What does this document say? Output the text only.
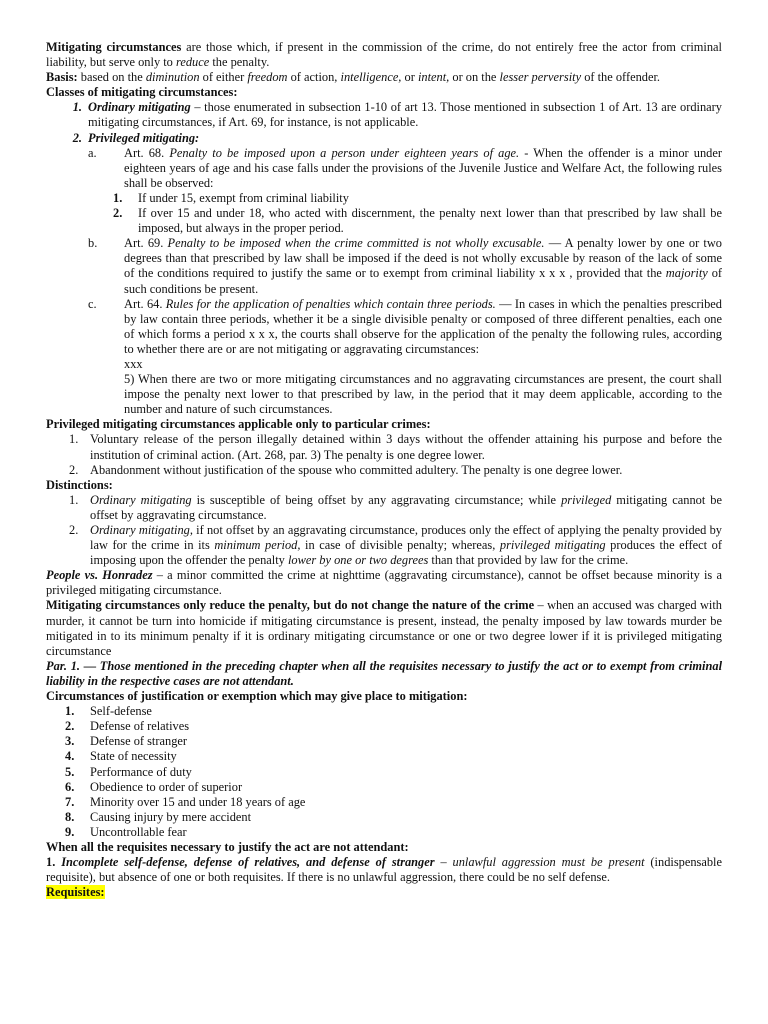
Mitigating circumstances are those which, if present in the commission of the crime, do not entirely free the actor from criminal liability, but serve only to reduce the penalty.

Basis: based on the diminution of either freedom of action, intelligence, or intent, or on the lesser perversity of the offender.

Classes of mitigating circumstances:

1. Ordinary mitigating – those enumerated in subsection 1-10 of art 13. Those mentioned in subsection 1 of Art. 13 are ordinary mitigating circumstances, if Art. 69, for instance, is not applicable.
2. Privileged mitigating:
a.	Art. 68. Penalty to be imposed upon a person under eighteen years of age. - When the offender is a minor under eighteen years of age and his case falls under the provisions of the Juvenile Justice and Welfare Act, the following rules shall be observed:
1.	If under 15, exempt from criminal liability
2.	If over 15 and under 18, who acted with discernment, the penalty next lower than that prescribed by law shall be imposed, but always in the proper period.
b.	Art. 69. Penalty to be imposed when the crime committed is not wholly excusable. — A penalty lower by one or two degrees than that prescribed by law shall be imposed if the deed is not wholly excusable by reason of the lack of some of the conditions required to justify the same or to exempt from criminal liability x x x , provided that the majority of such conditions be present.
c.	Art. 64. Rules for the application of penalties which contain three periods. — In cases in which the penalties prescribed by law contain three periods, whether it be a single divisible penalty or composed of three different penalties, each one of which forms a period x x x, the courts shall observe for the application of the penalty the following rules, according to whether there are or are not mitigating or aggravating circumstances:

xxx

5) When there are two or more mitigating circumstances and no aggravating circumstances are present, the court shall impose the penalty next lower to that prescribed by law, in the period that it may deem applicable, according to the number and nature of such circumstances.

Privileged mitigating circumstances applicable only to particular crimes:

1. Voluntary release of the person illegally detained within 3 days without the offender attaining his purpose and before the institution of criminal action. (Art. 268, par. 3) The penalty is one degree lower.
2. Abandonment without justification of the spouse who committed adultery. The penalty is one degree lower.

Distinctions:

1. Ordinary mitigating is susceptible of being offset by any aggravating circumstance; while privileged mitigating cannot be offset by aggravating circumstance.
2. Ordinary mitigating, if not offset by an aggravating circumstance, produces only the effect of applying the penalty provided by law for the crime in its minimum period, in case of divisible penalty; whereas, privileged mitigating produces the effect of imposing upon the offender the penalty lower by one or two degrees than that provided by law for the crime.

People vs. Honradez – a minor committed the crime at nighttime (aggravating circumstance), cannot be offset because minority is a privileged mitigating circumstance.

Mitigating circumstances only reduce the penalty, but do not change the nature of the crime – when an accused was charged with murder, it cannot be turn into homicide if mitigating circumstance is present, instead, the penalty imposed by law towards murder be mitigated in to its minimum penalty if it is ordinary mitigating circumstance or one or two degree lower if it is privileged mitigating circumstance

Par. 1. — Those mentioned in the preceding chapter when all the requisites necessary to justify the act or to exempt from criminal liability in the respective cases are not attendant.

Circumstances of justification or exemption which may give place to mitigation:

1.	Self-defense
2.	Defense of relatives
3.	Defense of stranger
4.	State of necessity
5.	Performance of duty
6.	Obedience to order of superior
7.	Minority over 15 and under 18 years of age
8.	Causing injury by mere accident
9.	Uncontrollable fear

When all the requisites necessary to justify the act are not attendant:

1. Incomplete self-defense, defense of relatives, and defense of stranger – unlawful aggression must be present (indispensable requisite), but absence of one or both requisites. If there is no unlawful aggression, there could be no self defense.

Requisites:
